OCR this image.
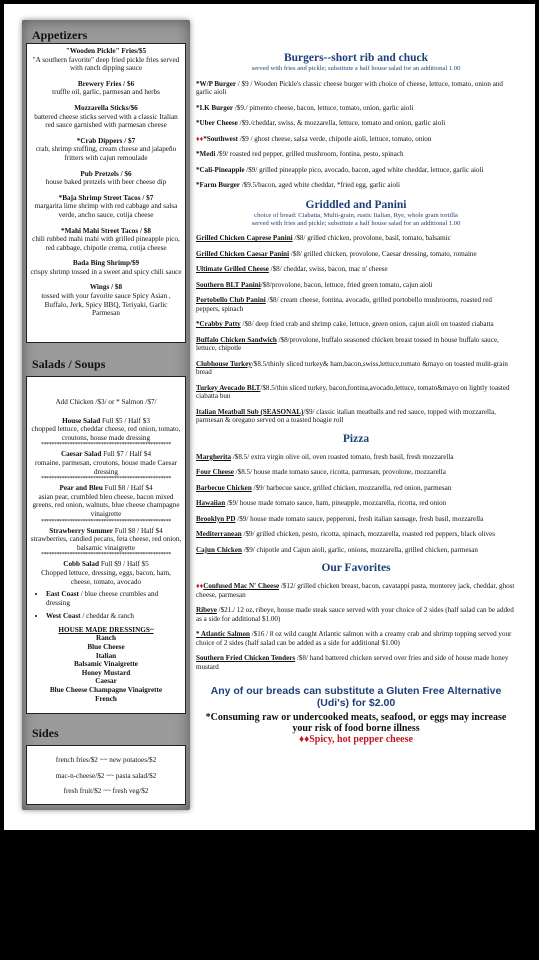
Appetizers
"Wooden Pickle" Fries/$5
"A southern favorite" deep fried pickle fries served with ranch dipping sauce
Brewery Fries / $6
truffle oil, garlic, parmesan and herbs
Mozzarella Sticks/$6
battered cheese sticks served with a classic Italian red sauce garnished with parmesan cheese
*Crab Dippers / $7
crab, shrimp stuffing, cream cheese and jalapeño fritters with cajun remoulade
Pub Pretzels / $6
house baked pretzels with beer cheese dip
*Baja Shrimp Street Tacos / $7
margarita lime shrimp with red cabbage and salsa verde, ancho sauce, cotija cheese
*Mahi Mahi Street Tacos / $8
chili rubbed mahi mahi with grilled pineapple pico, red cabbage, chipotle crema, cotija cheese
Bada Bing Shrimp/$9
crispy shrimp tossed in a sweet and spicy chili sauce
Wings / $8
tossed with your favorite sauce Spicy Asian , Buffalo, Jerk, Spicy BBQ, Teriyaki, Garlic Parmesan
Salads / Soups
Add Chicken /$3/ or * Salmon /$7/
House Salad Full $5 / Half $3
chopped lettuce, cheddar cheese, red onion, tomato, croutons, house made dressing
**************************************************
Caesar Salad Full $7 / Half $4
romaine, parmesan, croutons, house made Caesar dressing
**************************************************
Pear and Bleu Full $8 / Half $4
asian pear, crumbled bleu cheese, bacon mixed greens, red onion, walnuts, blue cheese champagne vinaigrette
**************************************************
Strawberry Summer Full $8 / Half $4
strawberries, candied pecans, feta cheese, red onion, balsamic vinaigrette
**************************************************
Cobb Salad Full $9 / Half $5
Chopped lettuce, dressing, eggs, bacon, ham, cheese, tomato, avocado
• East Coast / blue cheese crumbles and dressing
• West Coast / cheddar & ranch
HOUSE MADE DRESSINGS~
Ranch
Blue Cheese
Italian
Balsamic Vinaigrette
Honey Mustard
Caesar
Blue Cheese Champagne Vinaigrette
French
Sides
french fries/$2 ~~ new potatoes/$2
mac-n-cheese/$2 ~~ pasta salad/$2
fresh fruit/$2 ~~ fresh veg/$2
Burgers--short rib and chuck
served with fries and pickle; substitute a half house salad for an additional 1.00
*W/P Burger / $9 / Wooden Pickle's classic cheese burger with choice of cheese, lettuce, tomato, onion and garlic aioli
*I.K Burger /$9./ pimento cheese, bacon, lettuce, tomato, onion, garlic aioli
*Uber Cheese /$9./cheddar, swiss, & mozzarella, lettuce, tomato and onion, garlic aioli
♦♦*Southwest /$9 / ghost cheese, salsa verde, chipotle aioli, lettuce, tomato, onion
*Medi /$9/ roasted red pepper, grilled mushroom, fontina, pesto, spinach
*Cali-Pineapple /$9/ grilled pineapple pico, avocado, bacon, aged white cheddar, lettuce, garlic aioli
*Farm Burger /$9.5/bacon, aged white cheddar, *fried egg, garlic aioli
Griddled and Panini
choice of bread: Ciabatta, Multi-grain, rustic Italian, Rye, whole grain tortilla
served with fries and pickle; substitute a half house salad for an additional 1.00
Grilled Chicken Caprese Panini /$8/ grilled chicken, provolone, basil, tomato, balsamic
Grilled Chicken Caesar Panini /$8/ grilled chicken, provolone, Caesar dressing, tomato, romaine
Ultimate Grilled Cheese /$8/ cheddar, swiss, bacon, mac n' cheese
Southern BLT Panini/$8/provolone, bacon, lettuce, fried green tomato, cajun aioli
Portobello Club Panini /$8/ cream cheese, fontina, avocado, grilled portobello mushrooms, roasted red peppers, spinach
*Crabby Patty /$8/ deep fried crab and shrimp cake, lettuce, green onion, cajun aioli on toasted ciabatta
Buffalo Chicken Sandwich /$8/provolone, buffalo seasoned chicken breast tossed in house buffalo sauce, lettuce, chipotle
Clubhouse Turkey/$8.5/thinly sliced turkey& ham,bacon,swiss,lettuce,tomato &mayo on toasted mulit-grain bread
Turkey Avocado BLT/$8.5/thin sliced turkey, bacon,fontina,avocado,lettuce, tomato&mayo on lightly toasted ciabatta bun
Italian Meatball Sub (SEASONAL)/$9/ classic italian meatballs and red sauce, topped with mozzarella, parmesan & oregano served on a toasted hoagie roll
Pizza
Margherita /$8.5/ extra virgin olive oil, oven roasted tomato, fresh basil, fresh mozzarella
Four Cheese /$8.5/ house made tomato sauce, ricotta, parmesan, provolone, mozzarella
Barbecue Chicken /$9/ barbecue sauce, grilled chicken, mozzarella, red onion, parmesan
Hawaiian /$9/ house made tomato sauce, ham, pineapple, mozzarella, ricotta, red onion
Brooklyn PD /$9/ house made tomato sauce, pepperoni, fresh italian sausage, fresh basil, mozzarella
Mediterranean /$9/ grilled chicken, pesto, ricotta, spinach, mozzarella, roasted red peppers, black olives
Cajun Chicken /$9/ chipotle and Cajun aioli, garlic, onions, mozzarella, grilled chicken, parmesan
Our Favorites
♦♦Confused Mac N' Cheese /$12/ grilled chicken breast, bacon, cavatappi pasta, monterey jack, cheddar, ghost cheese, parmesan
Ribeye /$21./ 12 oz, ribeye, house made steak sauce served with your choice of 2 sides (half salad can be added as a side for additional $1.00)
* Atlantic Salmon /$16 / 8 oz wild caught Atlantic salmon with a creamy crab and shrimp topping served your choice of 2 sides (half salad can be added as a side for additional $1.00)
Southern Fried Chicken Tenders /$8/ hand battered chicken served over fries and side of house made honey mustard
Any of our breads can substitute a Gluten Free Alternative (Udi's) for $2.00
*Consuming raw or undercooked meats, seafood, or eggs may increase your risk of food borne illness
♦♦Spicy, hot pepper cheese
